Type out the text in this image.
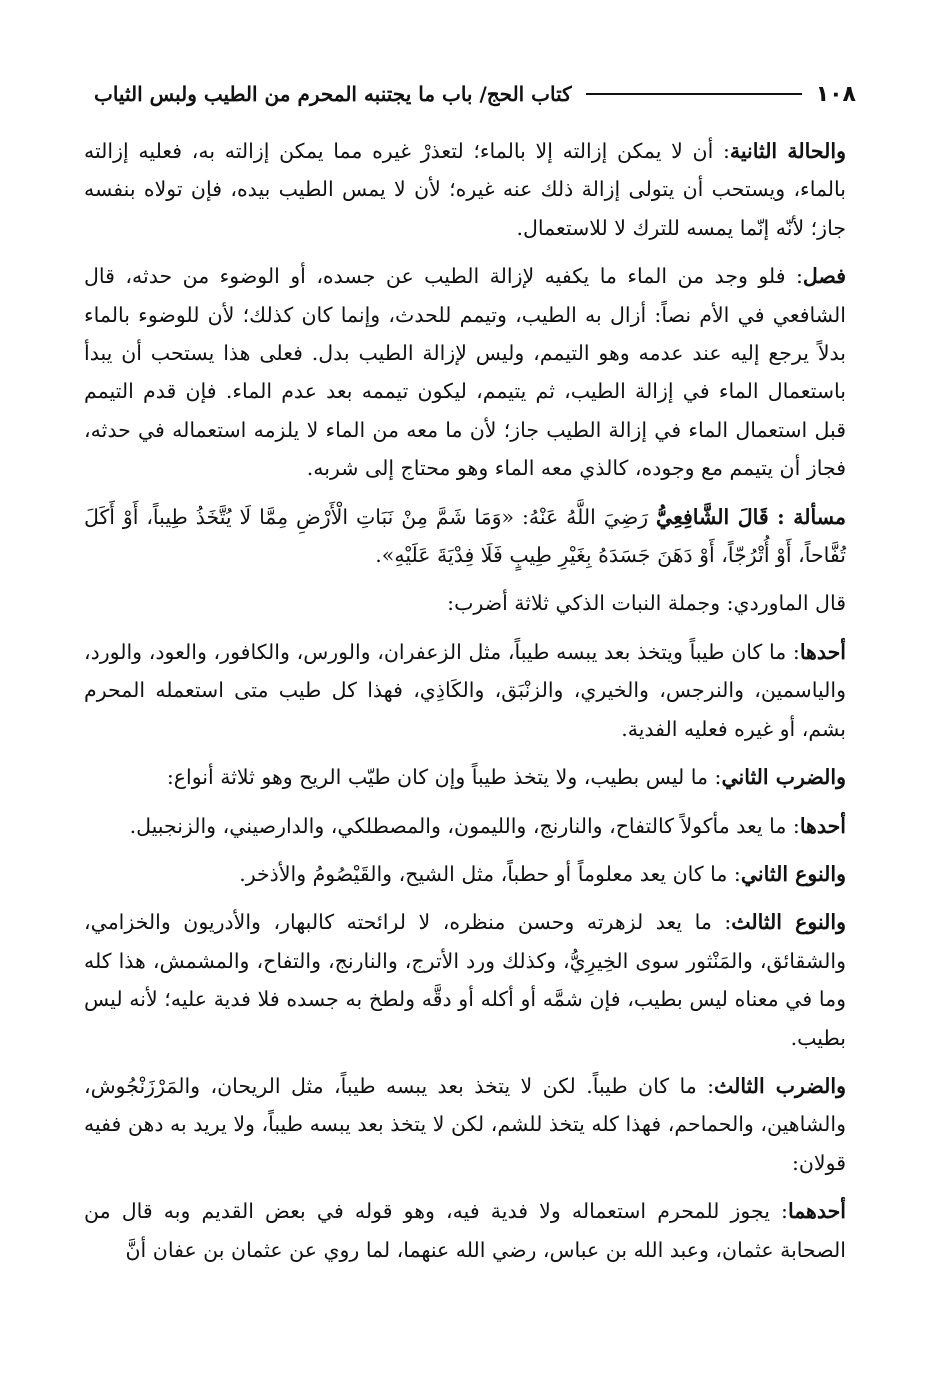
١٠٨
كتاب الحج/ باب ما يجتنبه المحرم من الطيب ولبس الثياب

والحالة الثانية: أن لا يمكن إزالته إلا بالماء؛ لتعذرْ غيره مما يمكن إزالته به، فعليه إزالته بالماء، ويستحب أن يتولى إزالة ذلك عنه غيره؛ لأن لا يمس الطيب بيده، فإن تولاه بنفسه جاز؛ لأنّه إنّما يمسه للترك لا للاستعمال.

فصل: فلو وجد من الماء ما يكفيه لإزالة الطيب عن جسده، أو الوضوء من حدثه، قال الشافعي في الأم نصاً: أزال به الطيب، وتيمم للحدث، وإنما كان كذلك؛ لأن للوضوء بالماء بدلاً يرجع إليه عند عدمه وهو التيمم، وليس لإزالة الطيب بدل. فعلى هذا يستحب أن يبدأ باستعمال الماء في إزالة الطيب، ثم يتيمم، ليكون تيممه بعد عدم الماء. فإن قدم التيمم قبل استعمال الماء في إزالة الطيب جاز؛ لأن ما معه من الماء لا يلزمه استعماله في حدثه، فجاز أن يتيمم مع وجوده، كالذي معه الماء وهو محتاج إلى شربه.

مسألة : قَالَ الشَّافِعِيُّ رَضِيَ اللَّهُ عَنْهُ: «وَمَا شَمَّ مِنْ نَبَاتِ الْأَرْضِ مِمَّا لَا يُتَّخَذُ طِيباً، أَوْ أَكَلَ تُفَّاحاً، أَوْ أُتْرُجّاً، أَوْ دَهَنَ جَسَدَهُ بِغَيْرِ طِيبٍ فَلَا فِدْيَةَ عَلَيْهِ».

قال الماوردي: وجملة النبات الذكي ثلاثة أضرب:

أحدها: ما كان طيباً ويتخذ بعد يبسه طيباً، مثل الزعفران، والورس، والكافور، والعود، والورد، والياسمين، والنرجس، والخيري، والزنْبَق، والكَاذِي، فهذا كل طيب متى استعمله المحرم بشم، أو غيره فعليه الفدية.

والضرب الثاني: ما ليس بطيب، ولا يتخذ طيباً وإن كان طيّب الريح وهو ثلاثة أنواع:

أحدها: ما يعد مأكولاً كالتفاح، والنارنج، والليمون، والمصطلكي، والدارصيني، والزنجبيل.

والنوع الثاني: ما كان يعد معلوماً أو حطباً، مثل الشيح، والقَيْصُومُ والأذخر.

والنوع الثالث: ما يعد لزهرته وحسن منظره، لا لرائحته كالبهار، والأدريون والخزامي، والشقائق، والمَنْثور سوى الخِيرِيُّ، وكذلك ورد الأترج، والنارنج، والتفاح، والمشمش، هذا كله وما في معناه ليس بطيب، فإن شمَّه أو أكله أو دقَّه ولطخ به جسده فلا فدية عليه؛ لأنه ليس بطيب.

والضرب الثالث: ما كان طيباً. لكن لا يتخذ بعد يبسه طيباً، مثل الريحان، والمَرْزَنْجُوش، والشاهين، والحماحم، فهذا كله يتخذ للشم، لكن لا يتخذ بعد يبسه طيباً، ولا يريد به دهن ففيه قولان:

أحدهما: يجوز للمحرم استعماله ولا فدية فيه، وهو قوله في بعض القديم وبه قال من الصحابة عثمان، وعبد الله بن عباس، رضي الله عنهما، لما روي عن عثمان بن عفان أنَّ
